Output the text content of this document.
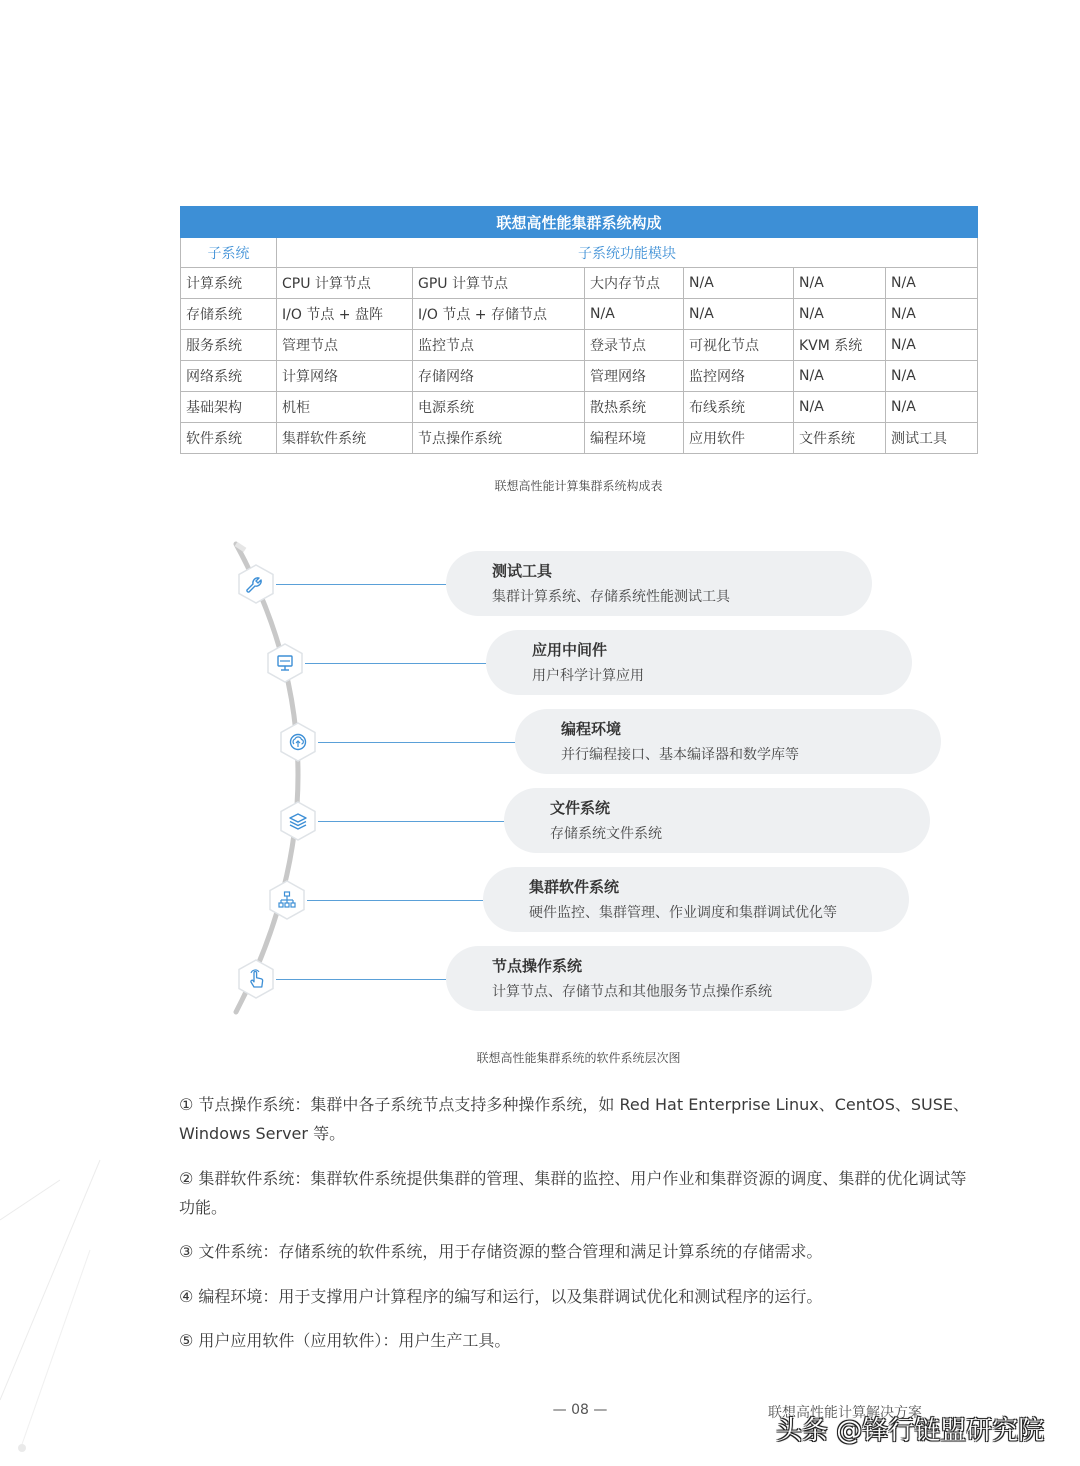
联想高性能集群系统构成						
子系统	子系统功能模块					
计算系统	CPU 计算节点	GPU 计算节点	大内存节点	N/A	N/A	N/A
存储系统	I/O 节点 + 盘阵	I/O 节点 + 存储节点	N/A	N/A	N/A	N/A
服务系统	管理节点	监控节点	登录节点	可视化节点	KVM 系统	N/A
网络系统	计算网络	存储网络	管理网络	监控网络	N/A	N/A
基础架构	机柜	电源系统	散热系统	布线系统	N/A	N/A
软件系统	集群软件系统	节点操作系统	编程环境	应用软件	文件系统	测试工具
联想高性能计算集群系统构成表
测试工具
集群计算系统、存储系统性能测试工具
应用中间件
用户科学计算应用
编程环境
并行编程接口、基本编译器和数学库等
文件系统
存储系统文件系统
集群软件系统
硬件监控、集群管理、作业调度和集群调试优化等
节点操作系统
计算节点、存储节点和其他服务节点操作系统
联想高性能集群系统的软件系统层次图
① 节点操作系统：集群中各子系统节点支持多种操作系统，如 Red Hat Enterprise Linux、CentOS、SUSE、Windows Server 等。
② 集群软件系统：集群软件系统提供集群的管理、集群的监控、用户作业和集群资源的调度、集群的优化调试等功能。
③ 文件系统：存储系统的软件系统，用于存储资源的整合管理和满足计算系统的存储需求。
④ 编程环境：用于支撑用户计算程序的编写和运行，以及集群调试优化和测试程序的运行。
⑤ 用户应用软件（应用软件）：用户生产工具。
— 08 —	联想高性能计算解决方案
头条 @锋行链盟研究院
